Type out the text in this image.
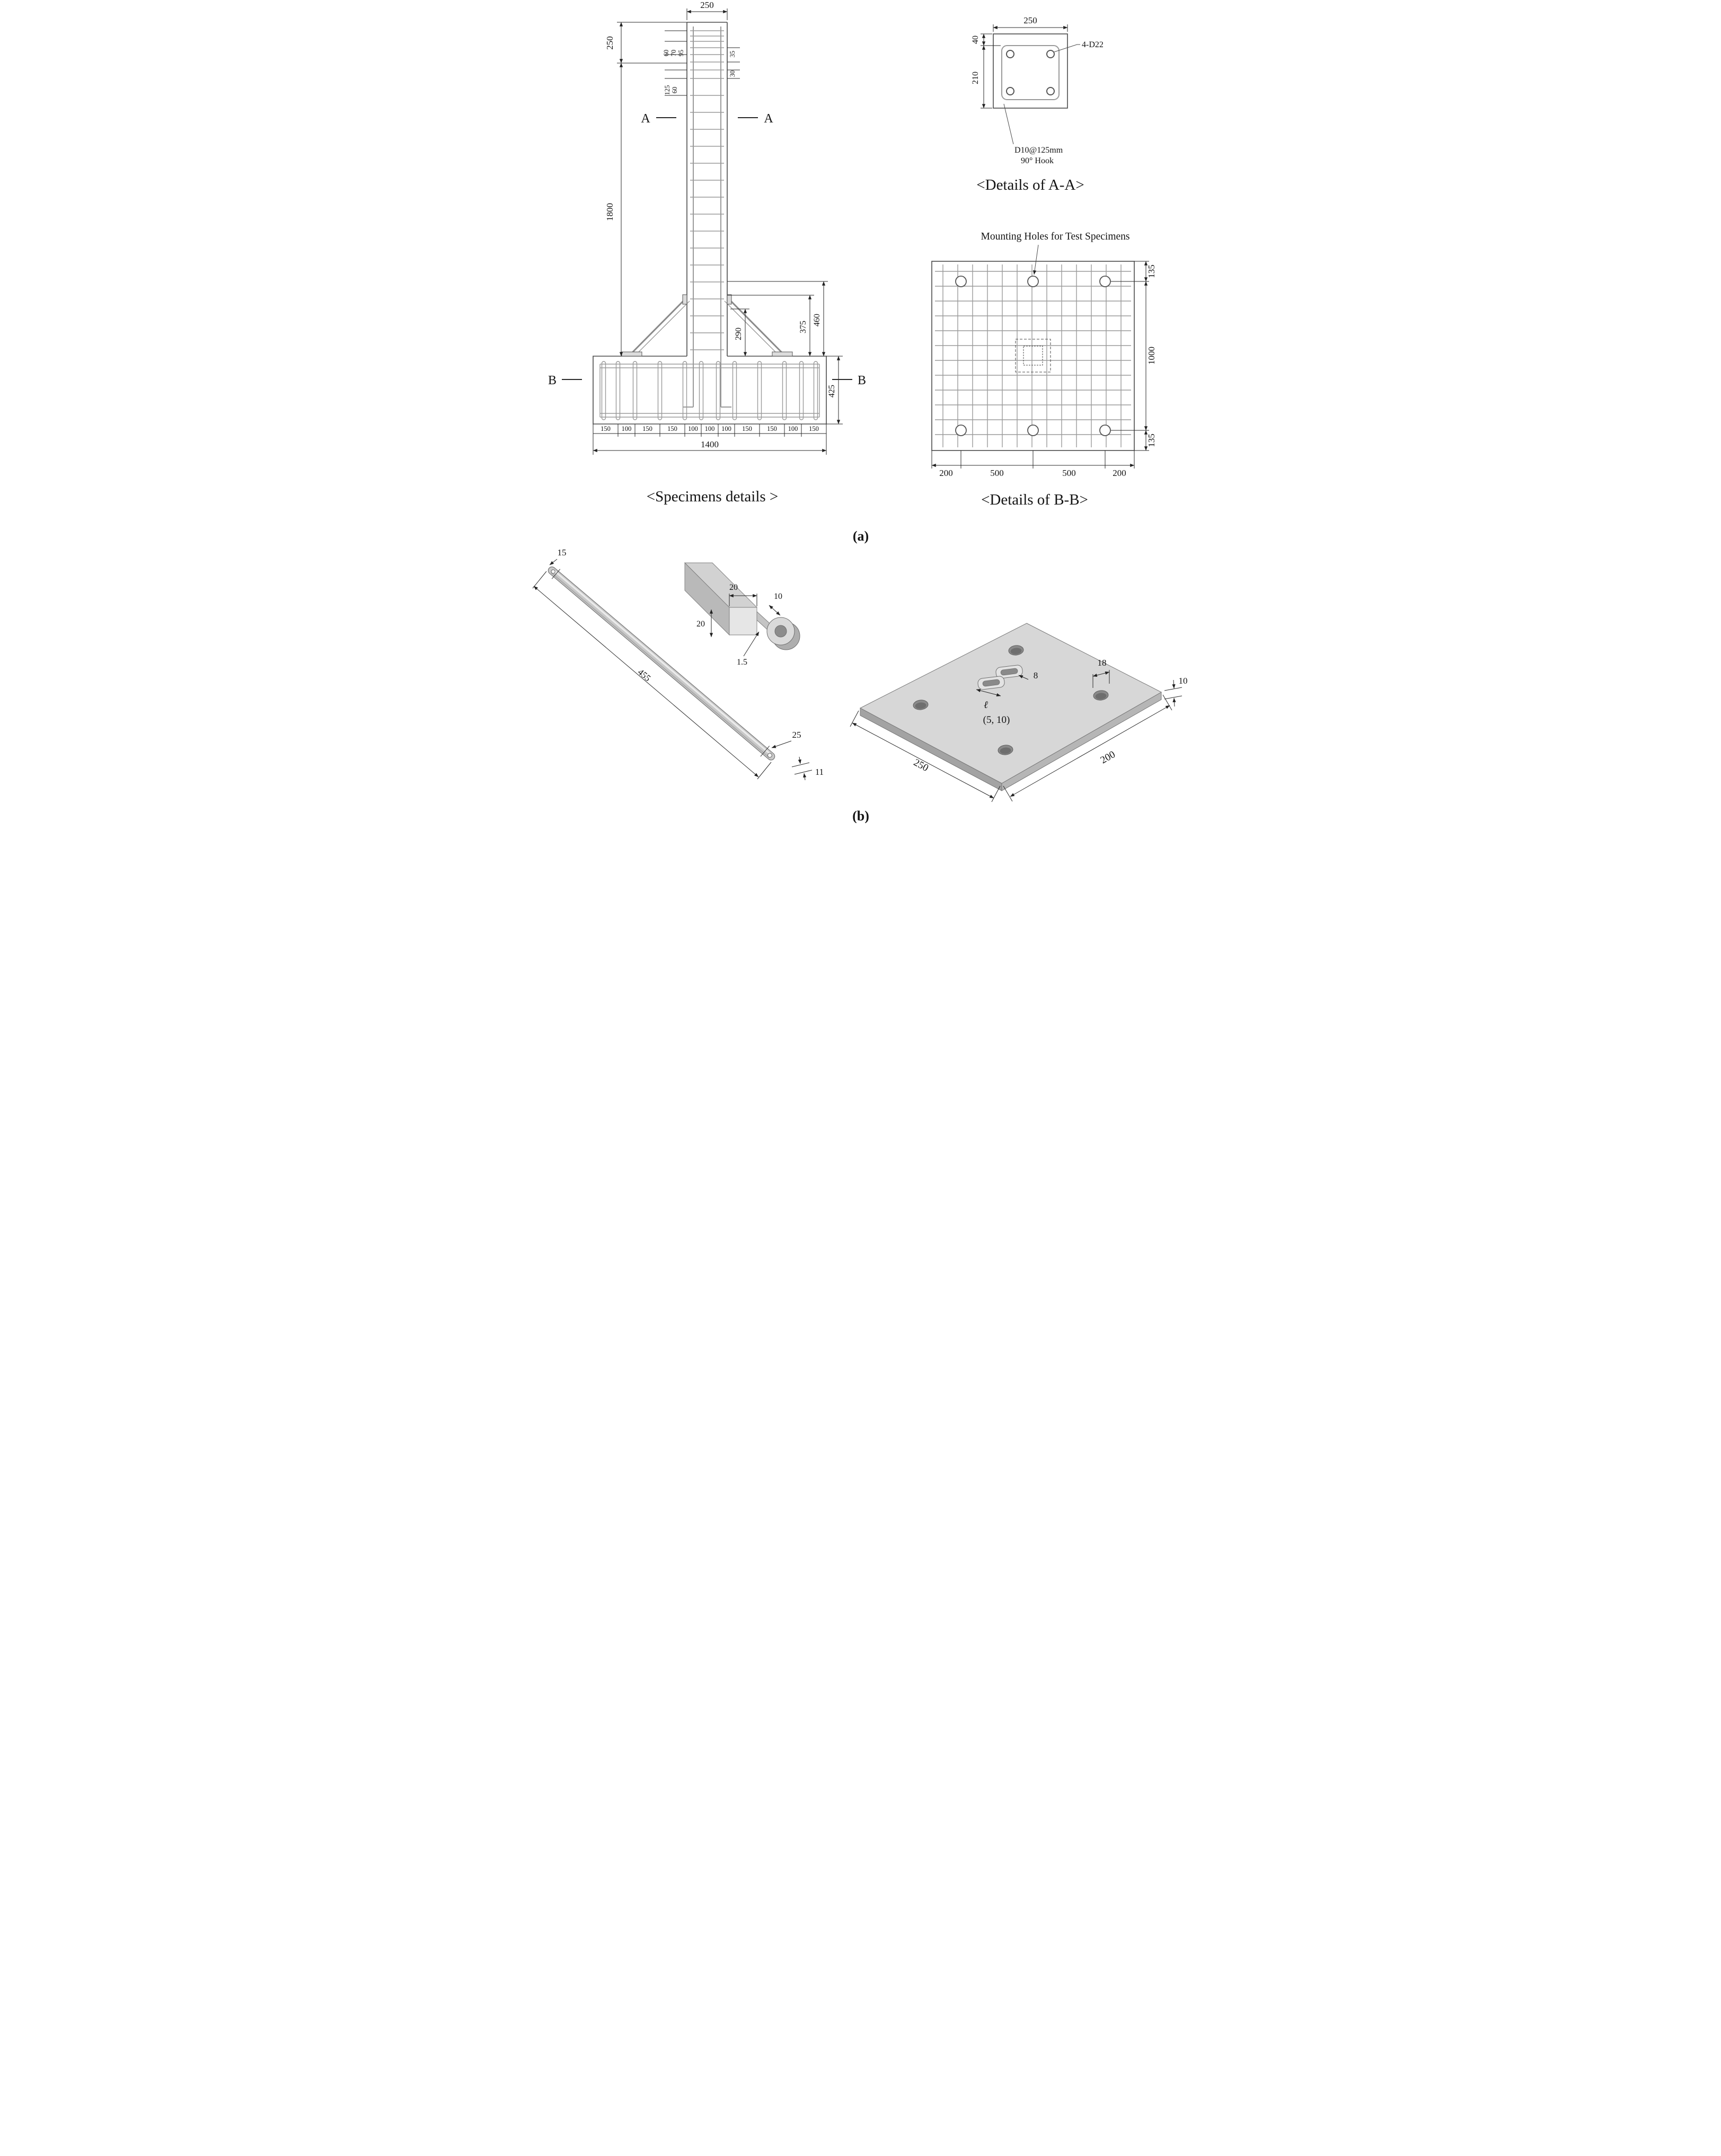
250
250
1800
60 70 95
125 60
35
30
A	A
B	B
290
375
460
425
150 100 150 150 100 100 100 150 150 100 150
1400
<Specimens details >
250
40
210
4-D22
D10@125mm
90° Hook
<Details of A-A>
Mounting Holes for Test Specimens
135
1000
135
200	500	500	200
<Details of B-B>
(a)
15
455
25
11
20
10
20
1.5
8
ℓ
(5, 10)
18
10
250	200
(b)
